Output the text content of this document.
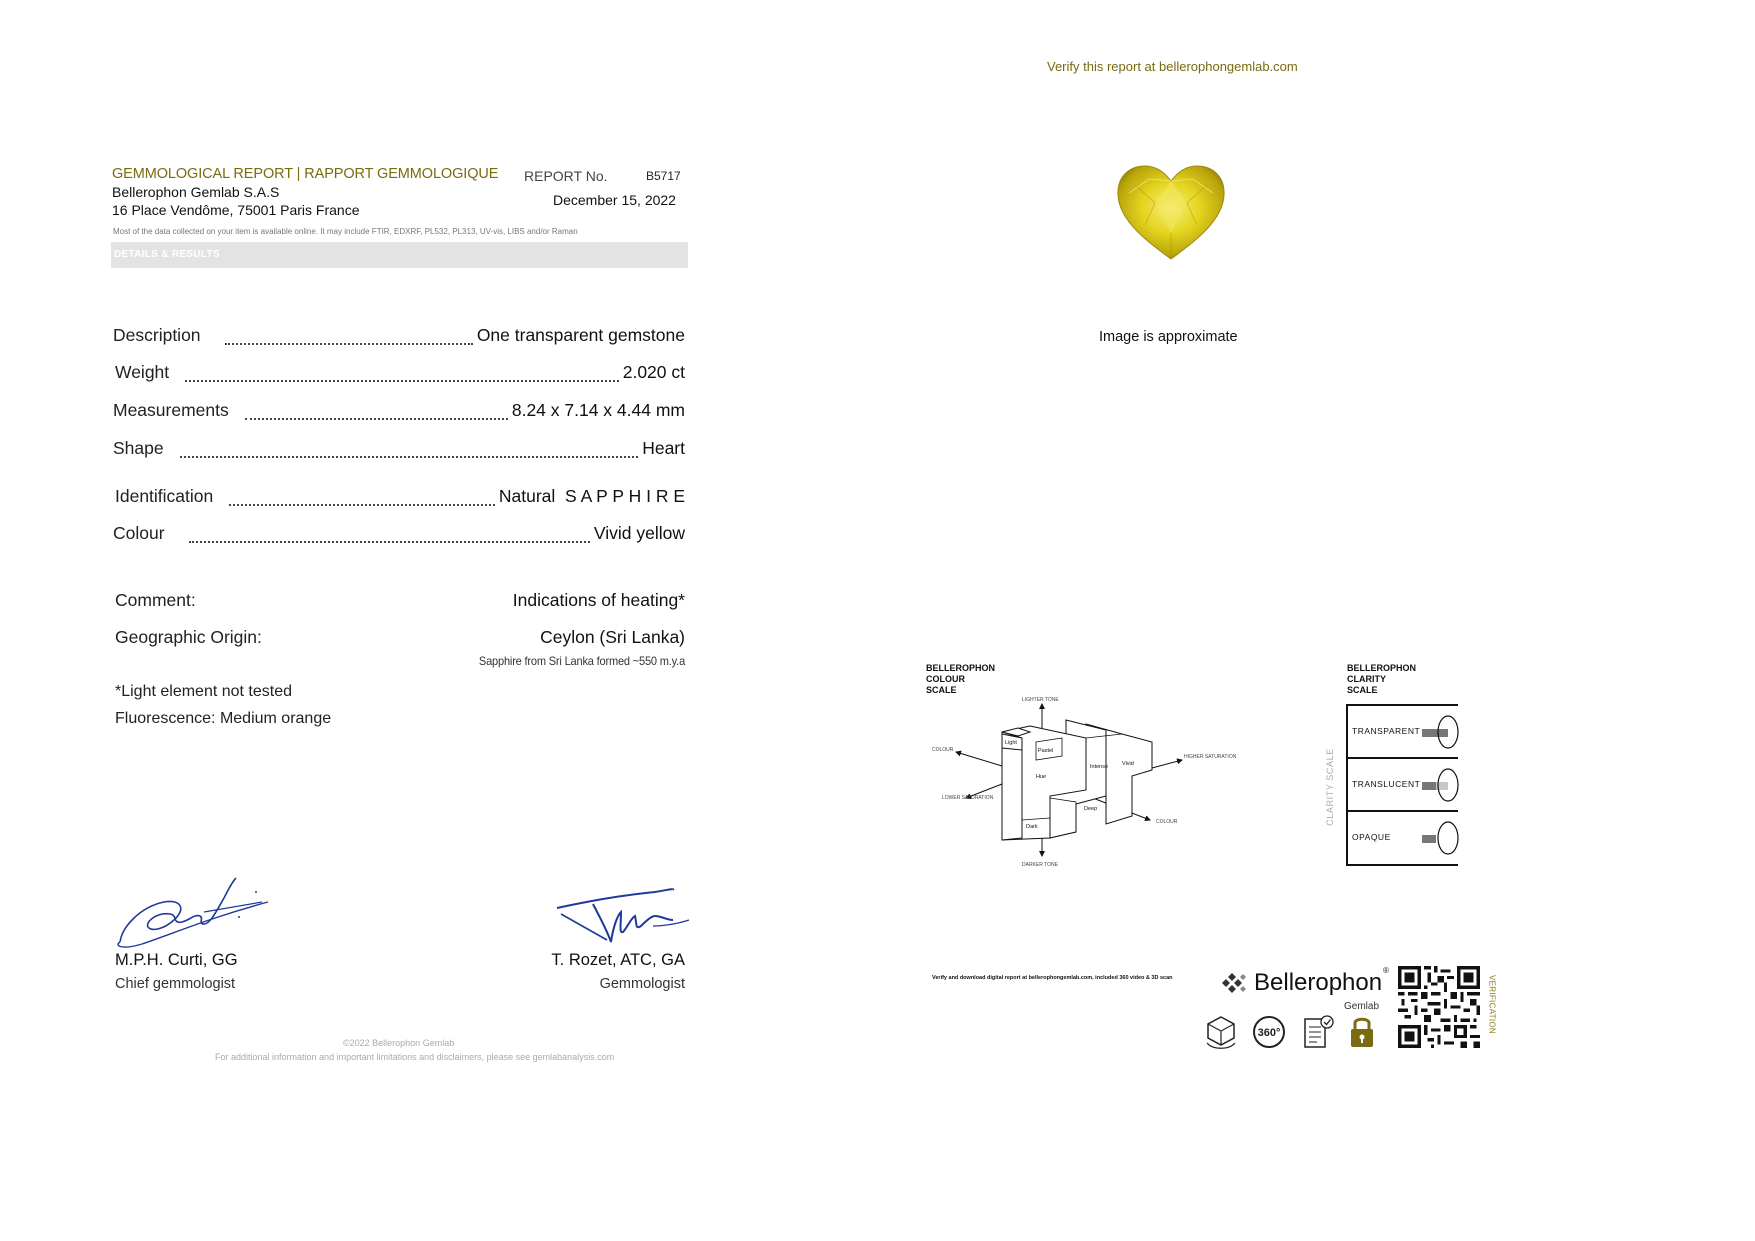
Verify this report at bellerophongemlab.com
GEMMOLOGICAL REPORT | RAPPORT GEMMOLOGIQUE
Bellerophon Gemlab S.A.S
16 Place Vendôme, 75001 Paris France
REPORT No.	B5717
December 15, 2022
Most of the data collected on your item is available online. It may include FTIR, EDXRF, PL532, PL313, UV-vis, LIBS and/or Raman
DETAILS & RESULTS
Description	One transparent gemstone
Weight	2.020 ct
Measurements	8.24 x 7.14 x 4.44 mm
Shape	Heart
Identification	Natural  S A P P H I R E
Colour	Vivid yellow
Comment:	Indications of heating*
Geographic Origin:	Ceylon (Sri Lanka)
Sapphire from Sri Lanka formed ~550 m.y.a
*Light element not tested
Fluorescence: Medium orange
M.P.H. Curti, GG
Chief gemmologist
T. Rozet, ATC, GA
Gemmologist
©2022 Bellerophon Gemlab
For additional information and important limitations and disclaimers, please see gemlabanalysis.com
Image is approximate
BELLEROPHON
COLOUR
SCALE
LIGHTER TONE
DARKER TONE
COLOUR
COLOUR
HIGHER SATURATION
LOWER SATURATION
Light
Pastel
Hue
Intense	Vivid
Deep
Dark
BELLEROPHON
CLARITY
SCALE
CLARITY SCALE
TRANSPARENT
TRANSLUCENT
OPAQUE
Verify and download digital report at bellerophongemlab.com, included 360 video & 3D scan	Bellerophon ®
Gemlab
360°	VERIFICATION
